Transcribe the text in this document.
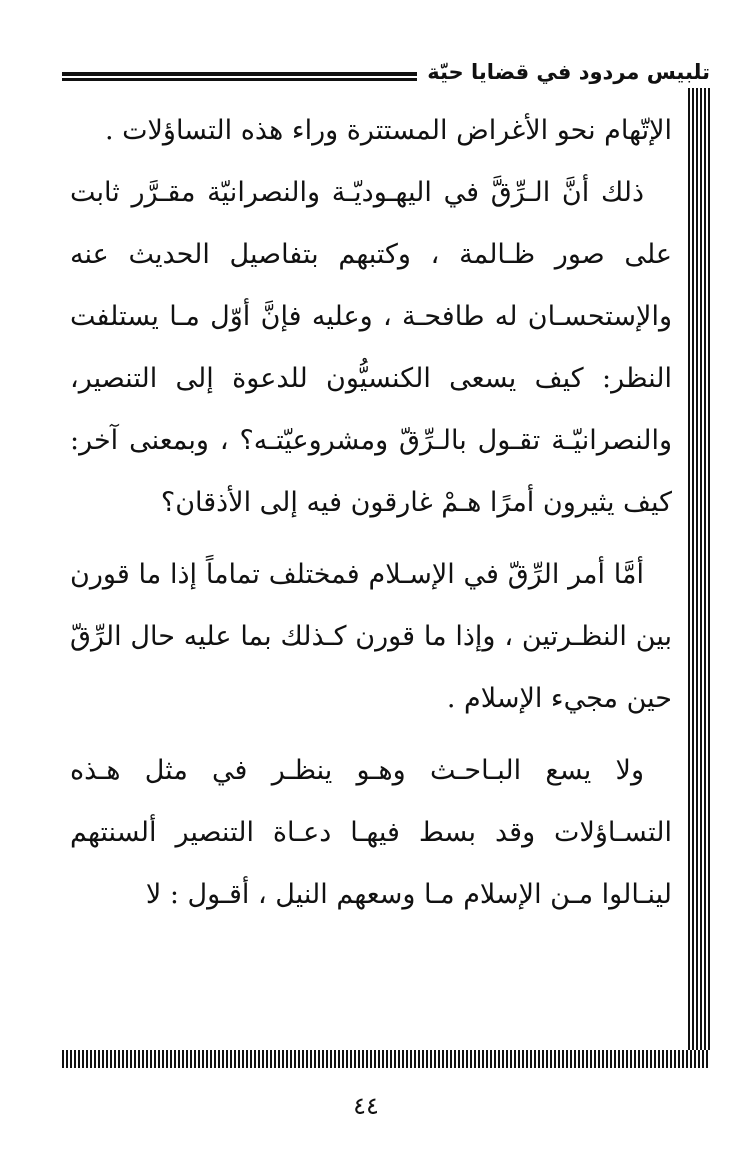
تلبيس مردود في قضايا حيّة

الإتّهام نحو الأغراض المستترة وراء هذه التساؤلات .

ذلك أنَّ الـرِّقَّ في اليهـوديّـة والنصرانيّة مقـرَّر ثابت على صور ظـالمة ، وكتبهم بتفاصيل الحديث عنه والإستحسـان له طافحـة ، وعليه فإنَّ أوّل مـا يستلفت النظر: كيف يسعى الكنسيُّون للدعوة إلى التنصير، والنصرانيّـة تقـول بالـرِّقّ ومشروعيّتـه؟ ، وبمعنى آخر: كيف يثيرون أمرًا هـمْ غارقون فيه إلى الأذقان؟

أمَّا أمر الرِّقّ في الإسـلام فمختلف تماماً إذا ما قورن بين النظـرتين ، وإذا ما قورن كـذلك بما عليه حال الرِّقّ حين مجيء الإسلام .

ولا يسع البـاحـث وهـو ينظـر في مثل هـذه التسـاؤلات وقد بسط فيهـا دعـاة التنصير ألسنتهم لينـالوا مـن الإسلام مـا وسعهم النيل ، أقـول : لا

٤٤
